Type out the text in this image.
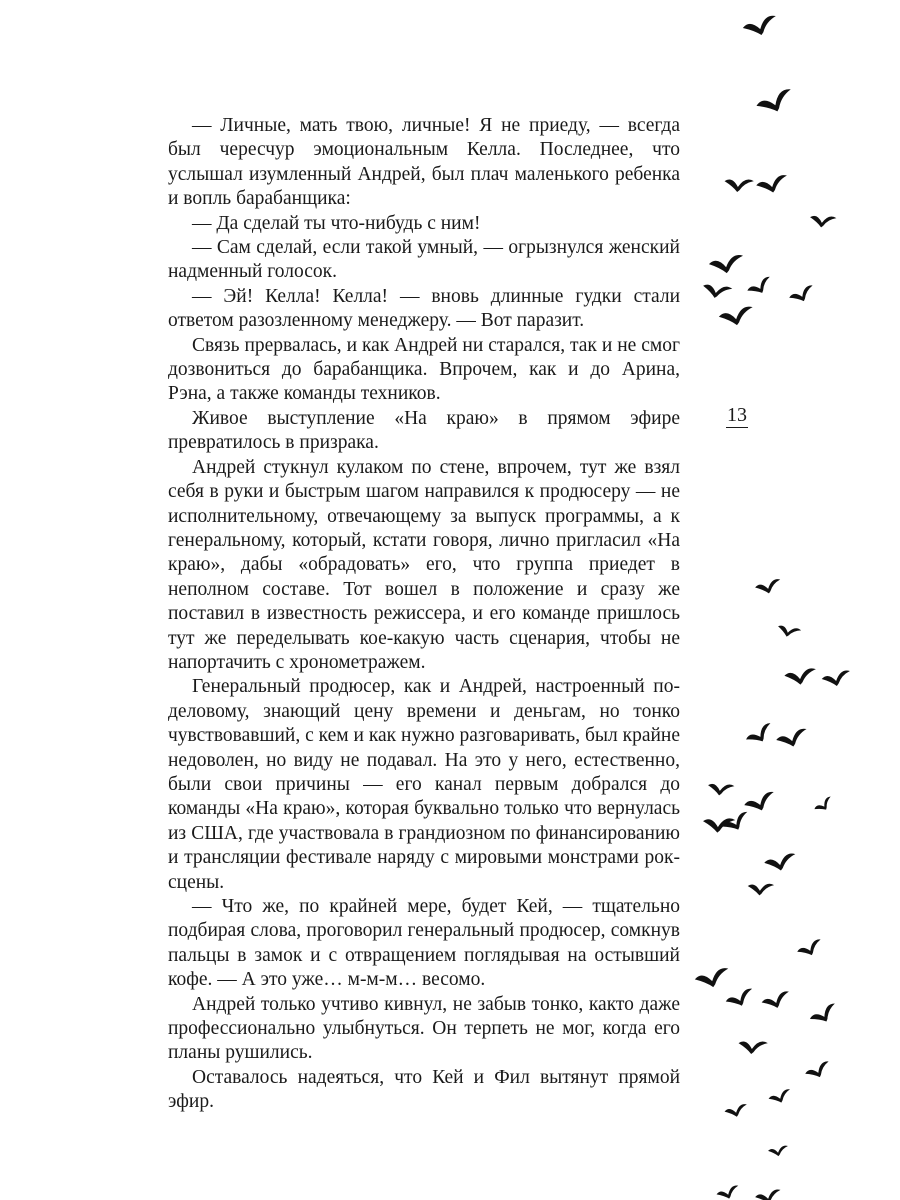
— Личные, мать твою, личные! Я не приеду, — всегда был чересчур эмоциональным Келла. Последнее, что услышал изумленный Андрей, был плач маленького ребенка и вопль барабанщика:

— Да сделай ты что-нибудь с ним!

— Сам сделай, если такой умный, — огрызнулся женский надменный голосок.

— Эй! Келла! Келла! — вновь длинные гудки стали ответом разозленному менеджеру. — Вот паразит.

Связь прервалась, и как Андрей ни старался, так и не смог дозвониться до барабанщика. Впрочем, как и до Арина, Рэна, а также команды техников.

Живое выступление «На краю» в прямом эфире превратилось в призрака.

Андрей стукнул кулаком по стене, впрочем, тут же взял себя в руки и быстрым шагом направился к продюсеру — не исполнительному, отвечающему за выпуск программы, а к генеральному, который, кстати говоря, лично пригласил «На краю», дабы «обрадовать» его, что группа приедет в неполном составе. Тот вошел в положение и сразу же поставил в известность режиссера, и его команде пришлось тут же переделывать кое-какую часть сценария, чтобы не напортачить с хронометражем.

Генеральный продюсер, как и Андрей, настроенный по-деловому, знающий цену времени и деньгам, но тонко чувствовавший, с кем и как нужно разговаривать, был крайне недоволен, но виду не подавал. На это у него, естественно, были свои причины — его канал первым добрался до команды «На краю», которая буквально только что вернулась из США, где участвовала в грандиозном по финансированию и трансляции фестивале наряду с мировыми монстрами рок-сцены.

— Что же, по крайней мере, будет Кей, — тщательно подбирая слова, проговорил генеральный продюсер, сомкнув пальцы в замок и с отвращением поглядывая на остывший кофе. — А это уже… м-м-м… весомо.

Андрей только учтиво кивнул, не забыв тонко, както даже профессионально улыбнуться. Он терпеть не мог, когда его планы рушились.

Оставалось надеяться, что Кей и Фил вытянут прямой эфир.

13
